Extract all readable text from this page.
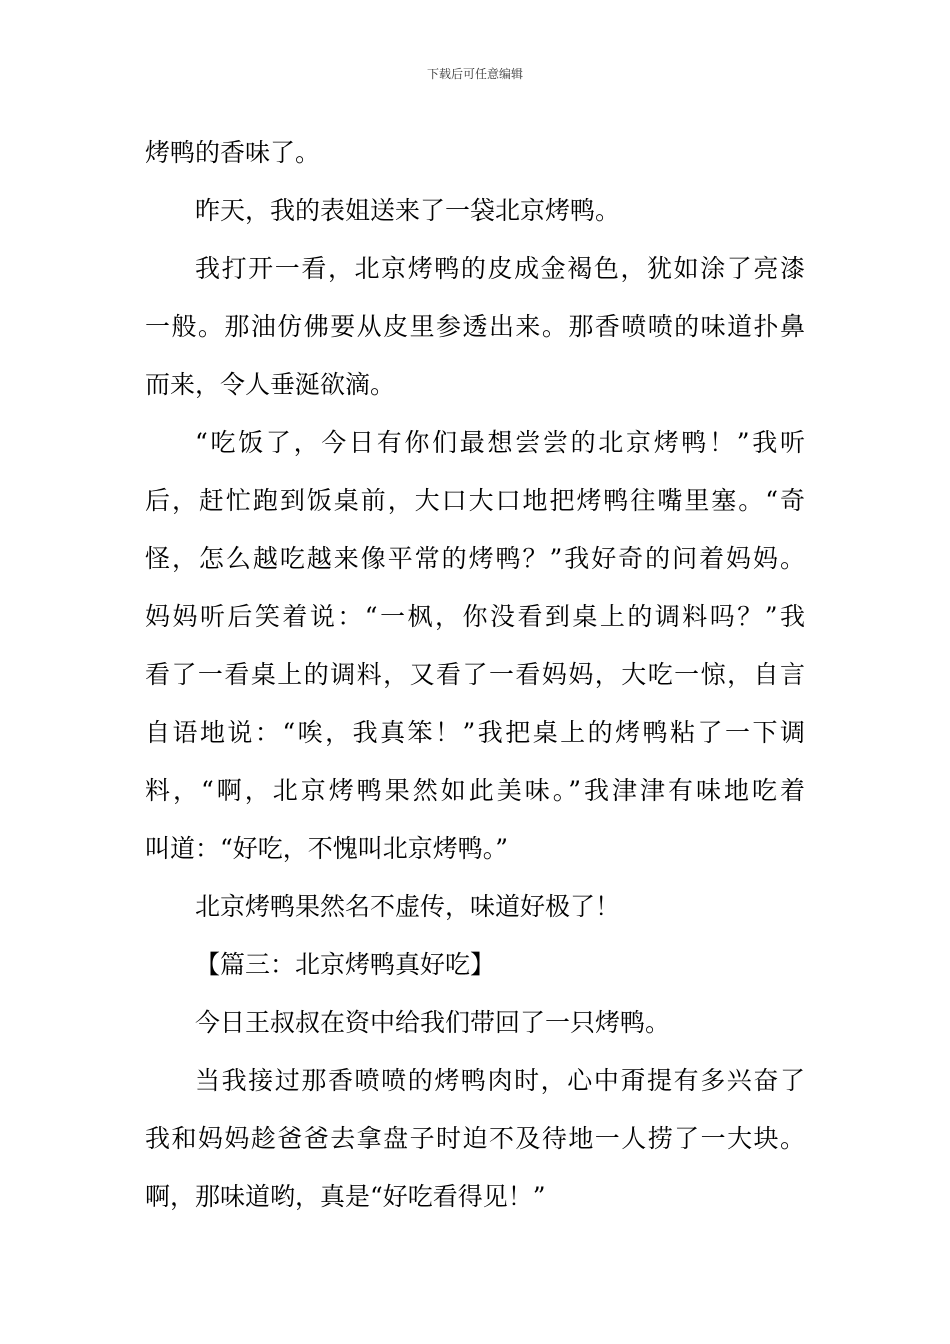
下载后可任意编辑
烤鸭的香味了。
昨天，我的表姐送来了一袋北京烤鸭。
我打开一看，北京烤鸭的皮成金褐色，犹如涂了亮漆
一般。那油仿佛要从皮里参透出来。那香喷喷的味道扑鼻
而来，令人垂涎欲滴。
“吃饭了，今日有你们最想尝尝的北京烤鸭！”我听
后，赶忙跑到饭桌前，大口大口地把烤鸭往嘴里塞。“奇
怪，怎么越吃越来像平常的烤鸭？”我好奇的问着妈妈。
妈妈听后笑着说：“一枫，你没看到桌上的调料吗？”我
看了一看桌上的调料，又看了一看妈妈，大吃一惊，自言
自语地说：“唉，我真笨！”我把桌上的烤鸭粘了一下调
料，“啊，北京烤鸭果然如此美味。”我津津有味地吃着
叫道：“好吃，不愧叫北京烤鸭。”
北京烤鸭果然名不虚传，味道好极了！
【篇三：北京烤鸭真好吃】
今日王叔叔在资中给我们带回了一只烤鸭。
当我接过那香喷喷的烤鸭肉时，心中甭提有多兴奋了
我和妈妈趁爸爸去拿盘子时迫不及待地一人捞了一大块。
啊，那味道哟，真是“好吃看得见！”
